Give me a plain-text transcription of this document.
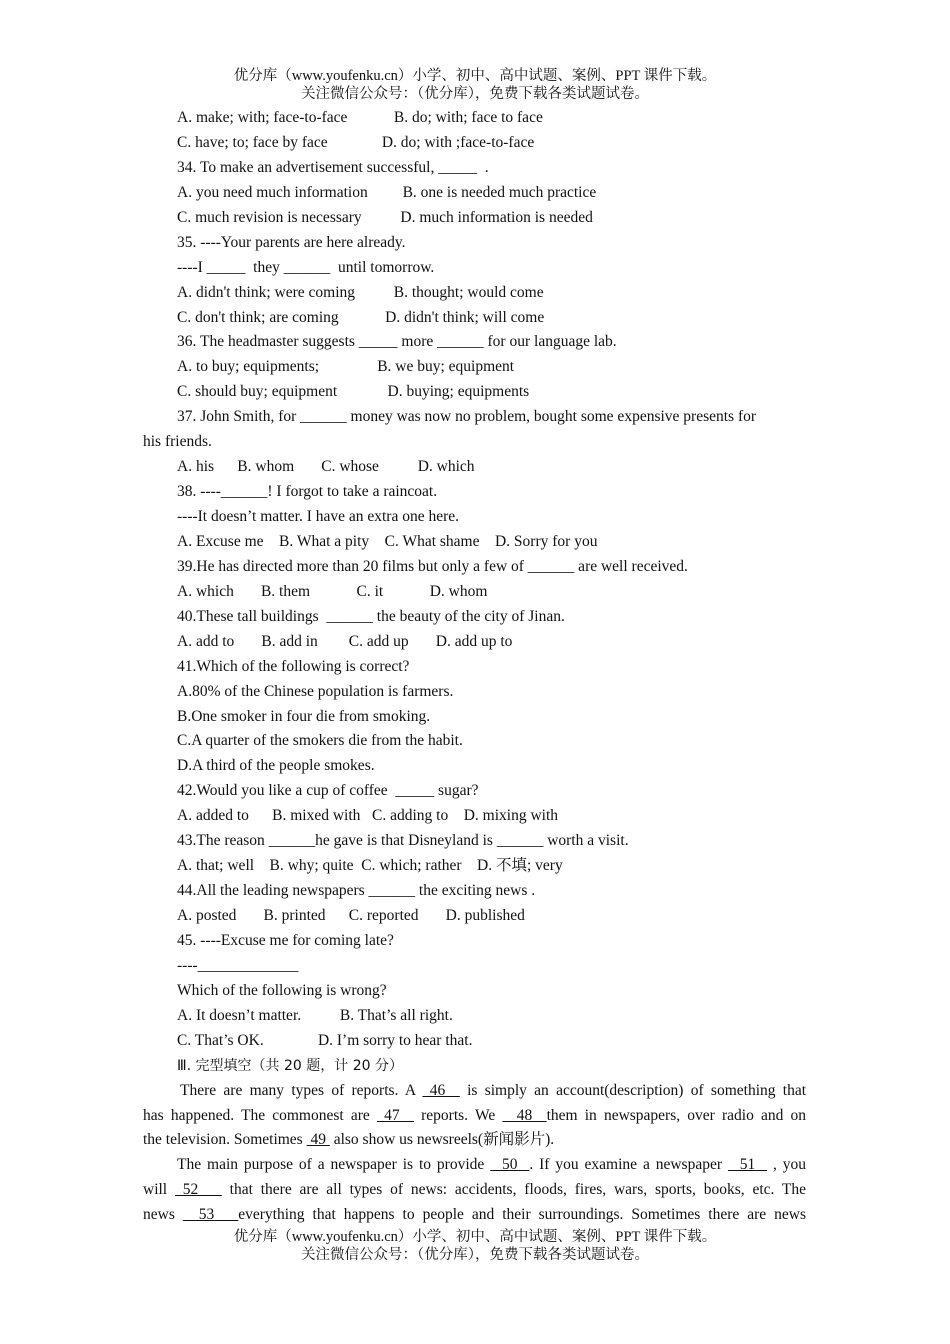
优分库（www.youfenku.cn）小学、初中、高中试题、案例、PPT 课件下载。
关注微信公众号：（优分库），免费下载各类试题试卷。
A. make; with; face-to-face            B. do; with; face to face
C. have; to; face by face              D. do; with ;face-to-face
34. To make an advertisement successful, _____  .
A. you need much information         B. one is needed much practice
C. much revision is necessary          D. much information is needed
35. ----Your parents are here already.
----I _____  they ______  until tomorrow.
A. didn't think; were coming          B. thought; would come
C. don't think; are coming            D. didn't think; will come
36. The headmaster suggests _____ more ______ for our language lab.
A. to buy; equipments;               B. we buy; equipment
C. should buy; equipment             D. buying; equipments
37. John Smith, for ______ money was now no problem, bought some expensive presents for
his friends.
A. his      B. whom       C. whose          D. which
38. ----______! I forgot to take a raincoat.
----It doesn’t matter. I have an extra one here.
A. Excuse me    B. What a pity    C. What shame    D. Sorry for you
39.He has directed more than 20 films but only a few of ______ are well received.
A. which       B. them            C. it            D. whom
40.These tall buildings  ______ the beauty of the city of Jinan.
A. add to       B. add in        C. add up       D. add up to
41.Which of the following is correct?
A.80% of the Chinese population is farmers.
B.One smoker in four die from smoking.
C.A quarter of the smokers die from the habit.
D.A third of the people smokes.
42.Would you like a cup of coffee  _____ sugar?
A. added to      B. mixed with   C. adding to    D. mixing with
43.The reason ______he gave is that Disneyland is ______ worth a visit.
A. that; well    B. why; quite  C. which; rather    D. 不填; very
44.All the leading newspapers ______ the exciting news .
A. posted       B. printed      C. reported       D. published
45. ----Excuse me for coming late?
----_____________
Which of the following is wrong?
A. It doesn’t matter.          B. That’s all right.
C. That’s OK.              D. I’m sorry to hear that.
Ⅲ. 完型填空（共 20 题，计 20 分）
There are many types of reports. A  46   is simply an account(description) of something that
has happened. The commonest are  47   reports. We   48  them in newspapers, over radio and on
the television. Sometimes  49  also show us newsreels(新闻影片).
The main purpose of a newspaper is to provide   50  . If you examine a newspaper   51   , you
will  52    that there are all types of news: accidents, floods, fires, wars, sports, books, etc. The
news   53   everything that happens to people and their surroundings. Sometimes there are news
优分库（www.youfenku.cn）小学、初中、高中试题、案例、PPT 课件下载。
关注微信公众号：（优分库），免费下载各类试题试卷。
